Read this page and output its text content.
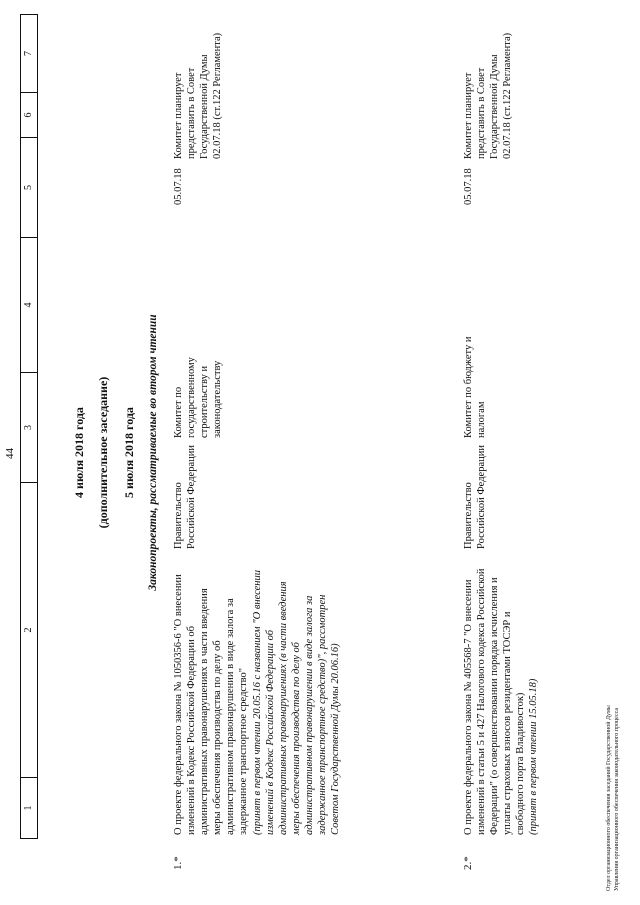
44
1
2
3
4
5
6
7
4 июля 2018 года (дополнительное заседание) 5 июля 2018 года Законопроекты, рассматриваемые во втором чтении
1.*
О проекте федерального закона № 1050356-6 "О внесении изменений в Кодекс Российской Федерации об административных правонарушениях в части введения меры обеспечения производства по делу об административном правонарушении в виде залога за задержанное транспортное средство" (принят в первом чтении 20.05.16 с названием "О внесении изменений в Кодекс Российской Федерации об административных правонарушениях (в части введения меры обеспечения производства по делу об административном правонарушении в виде залога за задержанное транспортное средство)", рассмотрен Советом Государственной Думы 20.06.16)
Правительство Российской Федерации
Комитет по государственному строительству и законодательству
05.07.18
Комитет планирует представить в Совет Государственной Думы 02.07.18 (ст.122 Регламента)
2.*
О проекте федерального закона № 405568-7 "О внесении изменений в статьи 5 и 427 Налогового кодекса Российской Федерации" (о совершенствовании порядка исчисления и уплаты страховых взносов резидентами ТОСЭР и свободного порта Владивосток) (принят в первом чтении 15.05.18)
Правительство Российской Федерации
Комитет по бюджету и налогам
05.07.18
Комитет планирует представить в Совет Государственной Думы 02.07.18 (ст.122 Регламента)
Отдел организационного обеспечения заседаний Государственной Думы Управления организационного обеспечения законодательного процесса
